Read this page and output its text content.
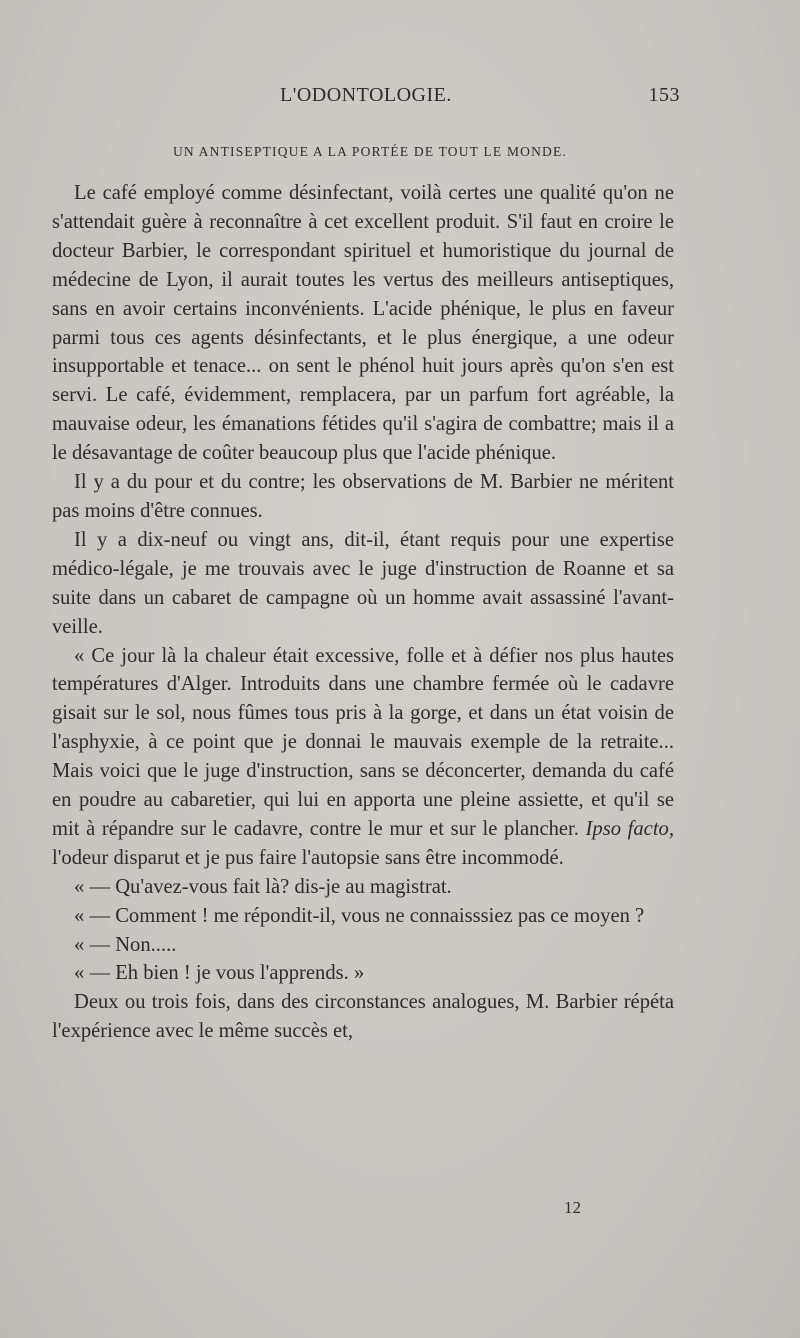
L'ODONTOLOGIE.	153
UN ANTISEPTIQUE A LA PORTÉE DE TOUT LE MONDE.

Le café employé comme désinfectant, voilà certes une qualité qu'on ne s'attendait guère à reconnaître à cet excellent produit. S'il faut en croire le docteur Barbier, le correspondant spirituel et humoristique du journal de médecine de Lyon, il aurait toutes les vertus des meilleurs antiseptiques, sans en avoir certains inconvénients. L'acide phénique, le plus en faveur parmi tous ces agents désinfectants, et le plus énergique, a une odeur insupportable et tenace... on sent le phénol huit jours après qu'on s'en est servi. Le café, évidemment, remplacera, par un parfum fort agréable, la mauvaise odeur, les émanations fétides qu'il s'agira de combattre; mais il a le désavantage de coûter beaucoup plus que l'acide phénique.

Il y a du pour et du contre; les observations de M. Barbier ne méritent pas moins d'être connues.

Il y a dix-neuf ou vingt ans, dit-il, étant requis pour une expertise médico-légale, je me trouvais avec le juge d'instruction de Roanne et sa suite dans un cabaret de campagne où un homme avait assassiné l'avant-veille.

« Ce jour là la chaleur était excessive, folle et à défier nos plus hautes températures d'Alger. Introduits dans une chambre fermée où le cadavre gisait sur le sol, nous fûmes tous pris à la gorge, et dans un état voisin de l'asphyxie, à ce point que je donnai le mauvais exemple de la retraite... Mais voici que le juge d'instruction, sans se déconcerter, demanda du café en poudre au cabaretier, qui lui en apporta une pleine assiette, et qu'il se mit à répandre sur le cadavre, contre le mur et sur le plancher. Ipso facto, l'odeur disparut et je pus faire l'autopsie sans être incommodé.

« — Qu'avez-vous fait là? dis-je au magistrat.

« — Comment ! me répondit-il, vous ne connaisssiez pas ce moyen ?

« — Non.....

« — Eh bien ! je vous l'apprends. »

Deux ou trois fois, dans des circonstances analogues, M. Barbier répéta l'expérience avec le même succès et,

12
